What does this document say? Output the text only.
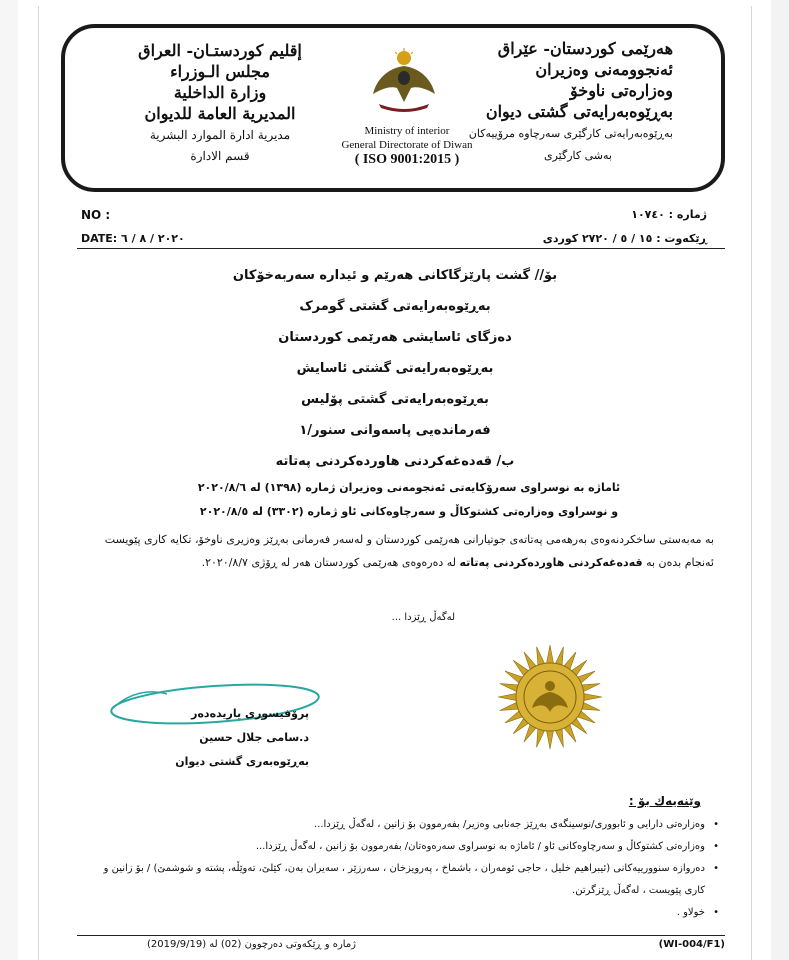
هەرێمی کوردستان- عێراق
ئەنجوومەنی وەزیران
وەزارەتی ناوخۆ
بەڕێوەبەرایەتی گشتی دیوان
بەڕێوەبەرایەتی کارگێری سەرچاوە مرۆییەکان
بەشی کارگێری
إقليم كوردستـان- العراق
مجلس الـوزراء
وزارة الداخلية
المديرية العامة للديوان
مديرية ادارة الموارد البشرية
قسم الادارة
Ministry of interior
General Directorate of Diwan
( ISO 9001:2015 )
NO :
DATE: ٢٠٢٠ / ٨ / ٦
ژمارە : ١٠٧٤٠
ڕێکەوت : ١٥ / ٥ / ٢٧٢٠ کوردی
بۆ// گشت پارێزگاکانی هەرێم و ئیدارە سەربەخۆکان
بەڕێوەبەرایەتی گشتی گومرک
دەزگای ئاسایشی هەرێمی کوردستان
بەڕێوەبەرایەتی گشتی ئاسایش
بەڕێوەبەرایەتی گشتی پۆلیس
فەرماندەیی پاسەوانی سنور/١
ب/ قەدەغەکردنی هاوردەکردنی پەتاتە
ئاماژە بە نوسراوی سەرۆکایەتی ئەنجومەنی وەزیران ژمارە (١٣٩٨) لە ٢٠٢٠/٨/٦
و نوسراوی وەزارەتی کشتوکاڵ و سەرچاوەکانی ئاو ژمارە (٣٣٠٢) لە ٢٠٢٠/٨/٥
بە مەبەستی ساخکردنەوەی بەرهەمی پەتاتەی جوتیارانی هەرێمی کوردستان و لەسەر فەرمانی بەڕێز وەزیری ناوخۆ، تکایە کاری پێویست ئەنجام بدەن بە قەدەغەکردنی هاوردەکردنی پەتاتە لە دەرەوەی هەرێمی کوردستان هەر لە ڕۆژی ٢٠٢٠/٨/٧.
لەگەڵ ڕێزدا ...
پرۆفیسوری یاریدەدەر
د.سامی جلال حسین
بەڕێوەبەری گشتی دیوان
وێنەیەك بۆ :
• وەزارەتی دارایی و ئابووری/نوسینگەی بەڕێز جەنابی وەزیر/ بفەرموون بۆ زانین ، لەگەڵ ڕێزدا...
• وەزارەتی کشتوکاڵ و سەرچاوەکانی ئاو / ئاماژە بە نوسراوی سەرەوەتان/ بفەرموون بۆ زانین ، لەگەڵ ڕێزدا...
• دەروازە سنوورییەکانی (ئیبراهیم خلیل ، حاجی ئومەران ، باشماخ ، پەرویزخان ، سەرزێر ، سەیران بەن، کێلێ، تەوێڵە، پشتە و شوشمێ) / بۆ زانین و کاری پێویست ، لەگەڵ ڕێزگرتن.
• خولاو .
(WI-004/F1)
ژمارە و ڕێکەوتی دەرچوون (02) لە (2019/9/19)
